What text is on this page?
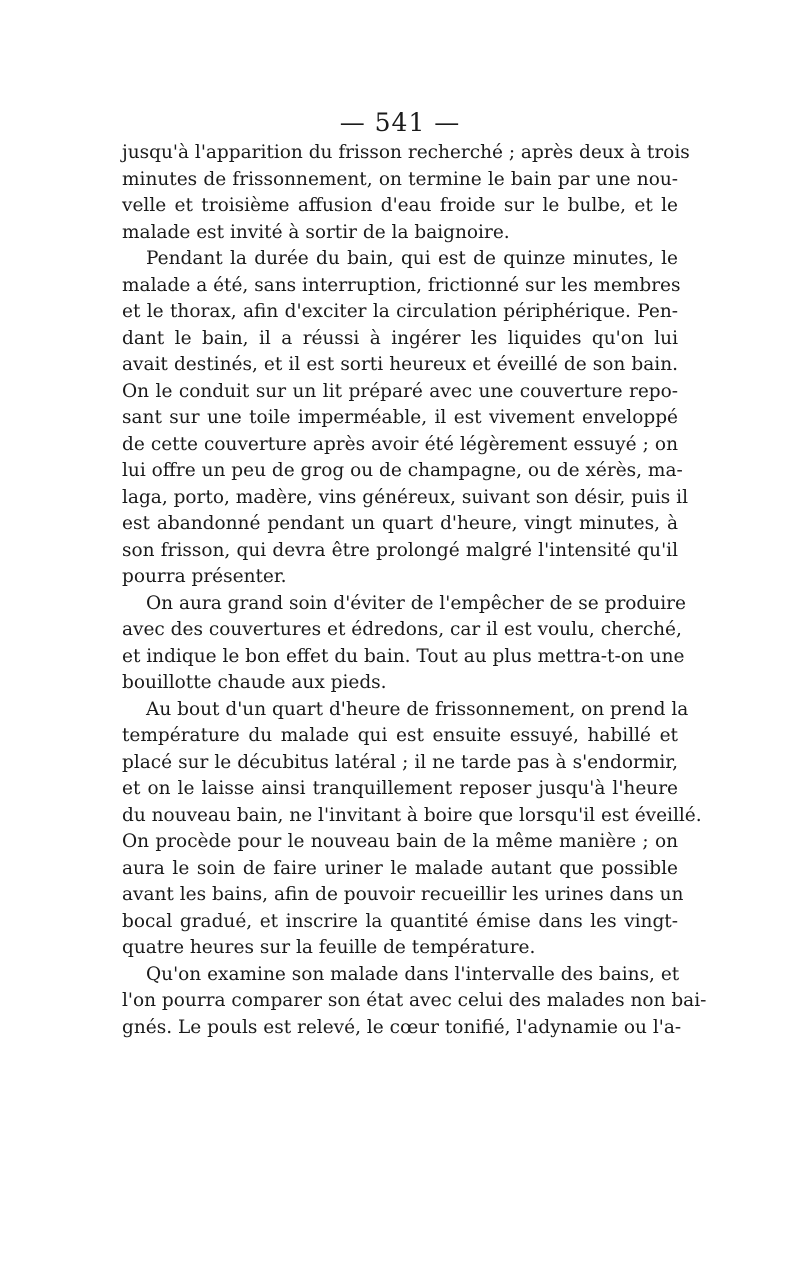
— 541 —
jusqu'à l'apparition du frisson recherché ; après deux à trois
minutes de frissonnement, on termine le bain par une nou-
velle et troisième affusion d'eau froide sur le bulbe, et le
malade est invité à sortir de la baignoire.
Pendant la durée du bain, qui est de quinze minutes, le
malade a été, sans interruption, frictionné sur les membres
et le thorax, afin d'exciter la circulation périphérique. Pen-
dant le bain, il a réussi à ingérer les liquides qu'on lui
avait destinés, et il est sorti heureux et éveillé de son bain.
On le conduit sur un lit préparé avec une couverture repo-
sant sur une toile imperméable, il est vivement enveloppé
de cette couverture après avoir été légèrement essuyé ; on
lui offre un peu de grog ou de champagne, ou de xérès, ma-
laga, porto, madère, vins généreux, suivant son désir, puis il
est abandonné pendant un quart d'heure, vingt minutes, à
son frisson, qui devra être prolongé malgré l'intensité qu'il
pourra présenter.
On aura grand soin d'éviter de l'empêcher de se produire
avec des couvertures et édredons, car il est voulu, cherché,
et indique le bon effet du bain. Tout au plus mettra-t-on une
bouillotte chaude aux pieds.
Au bout d'un quart d'heure de frissonnement, on prend la
température du malade qui est ensuite essuyé, habillé et
placé sur le décubitus latéral ; il ne tarde pas à s'endormir,
et on le laisse ainsi tranquillement reposer jusqu'à l'heure
du nouveau bain, ne l'invitant à boire que lorsqu'il est éveillé.
On procède pour le nouveau bain de la même manière ; on
aura le soin de faire uriner le malade autant que possible
avant les bains, afin de pouvoir recueillir les urines dans un
bocal gradué, et inscrire la quantité émise dans les vingt-
quatre heures sur la feuille de température.
Qu'on examine son malade dans l'intervalle des bains, et
l'on pourra comparer son état avec celui des malades non bai-
gnés. Le pouls est relevé, le cœur tonifié, l'adynamie ou l'a-
